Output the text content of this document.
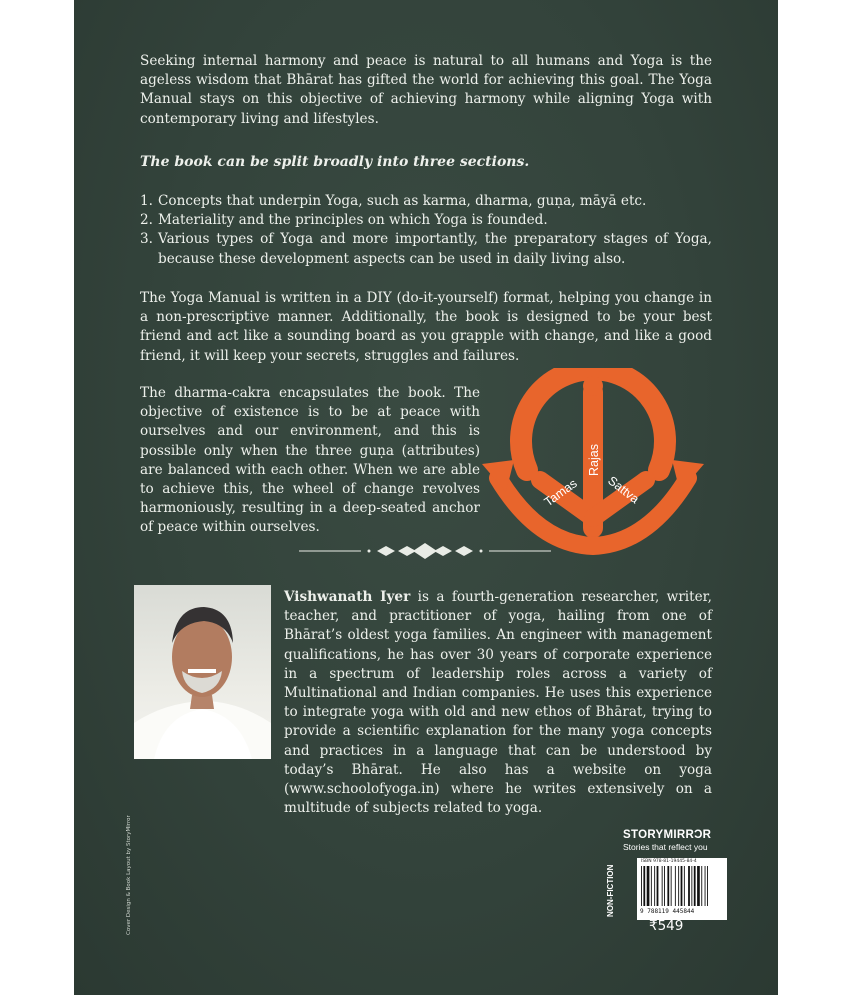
Seeking internal harmony and peace is natural to all humans and Yoga is the ageless wisdom that Bhārat has gifted the world for achieving this goal. The Yoga Manual stays on this objective of achieving harmony while aligning Yoga with contemporary living and lifestyles.

The book can be split broadly into three sections.

1. Concepts that underpin Yoga, such as karma, dharma, guṇa, māyā etc.
2. Materiality and the principles on which Yoga is founded.
3. Various types of Yoga and more importantly, the preparatory stages of Yoga, because these development aspects can be used in daily living also.

The Yoga Manual is written in a DIY (do-it-yourself) format, helping you change in a non-prescriptive manner. Additionally, the book is designed to be your best friend and act like a sounding board as you grapple with change, and like a good friend, it will keep your secrets, struggles and failures.

The dharma-cakra encapsulates the book. The objective of existence is to be at peace with ourselves and our environment, and this is possible only when the three guṇa (attributes) are balanced with each other. When we are able to achieve this, the wheel of change revolves harmoniously, resulting in a deep-seated anchor of peace within ourselves.

Rajas
Tamas Sattva

Vishwanath Iyer is a fourth-generation researcher, writer, teacher, and practitioner of yoga, hailing from one of Bhārat’s oldest yoga families. An engineer with management qualifications, he has over 30 years of corporate experience in a spectrum of leadership roles across a variety of Multinational and Indian companies. He uses this experience to integrate yoga with old and new ethos of Bhārat, trying to provide a scientific explanation for the many yoga concepts and practices in a language that can be understood by today’s Bhārat. He also has a website on yoga (www.schoolofyoga.in) where he writes extensively on a multitude of subjects related to yoga.

Cover Design & Book Layout by StoryMirror	STORYMIRRƆR
Stories that reflect you
ISBN 978-81-19445-84-4
9 788119 445844
NON-FICTION
₹549
